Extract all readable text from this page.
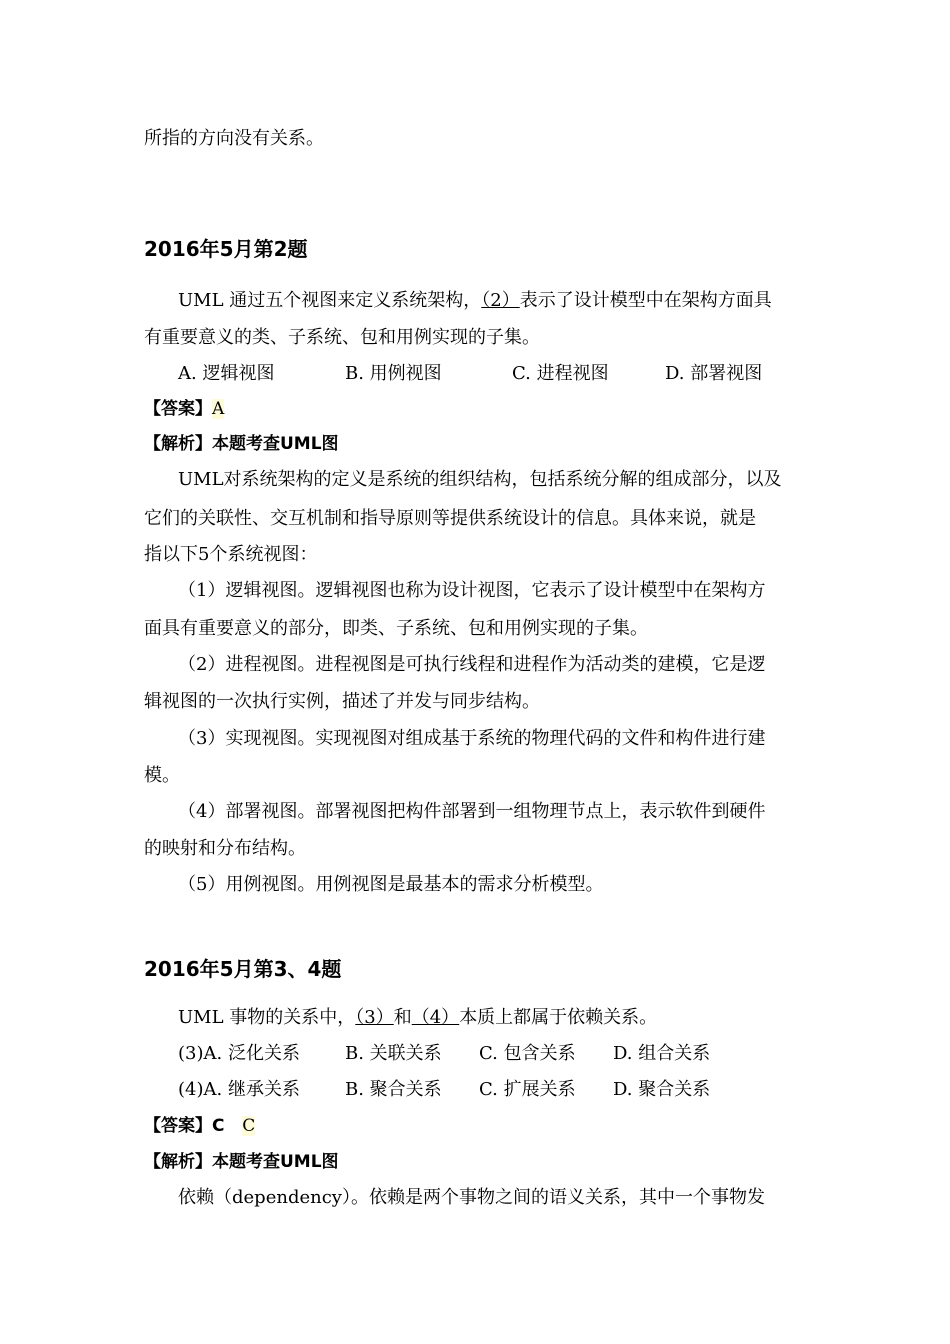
所指的方向没有关系。
2016年5月第2题
UML 通过五个视图来定义系统架构，（2）表示了设计模型中在架构方面具
有重要意义的类、子系统、包和用例实现的子集。
A. 逻辑视图	B. 用例视图	C. 进程视图	D. 部署视图
【答案】A
【解析】本题考查UML图
UML对系统架构的定义是系统的组织结构，包括系统分解的组成部分，以及
它们的关联性、交互机制和指导原则等提供系统设计的信息。具体来说，就是
指以下5个系统视图：
（1）逻辑视图。逻辑视图也称为设计视图，它表示了设计模型中在架构方
面具有重要意义的部分，即类、子系统、包和用例实现的子集。
（2）进程视图。进程视图是可执行线程和进程作为活动类的建模，它是逻
辑视图的一次执行实例，描述了并发与同步结构。
（3）实现视图。实现视图对组成基于系统的物理代码的文件和构件进行建
模。
（4）部署视图。部署视图把构件部署到一组物理节点上，表示软件到硬件
的映射和分布结构。
（5）用例视图。用例视图是最基本的需求分析模型。
2016年5月第3、4题
UML 事物的关系中，（3）和（4）本质上都属于依赖关系。
(3)A. 泛化关系	B. 关联关系 C. 包含关系 D. 组合关系
(4)A. 继承关系	B. 聚合关系 C. 扩展关系 D. 聚合关系
【答案】C C
【解析】本题考查UML图
依赖（dependency）。依赖是两个事物之间的语义关系，其中一个事物发
